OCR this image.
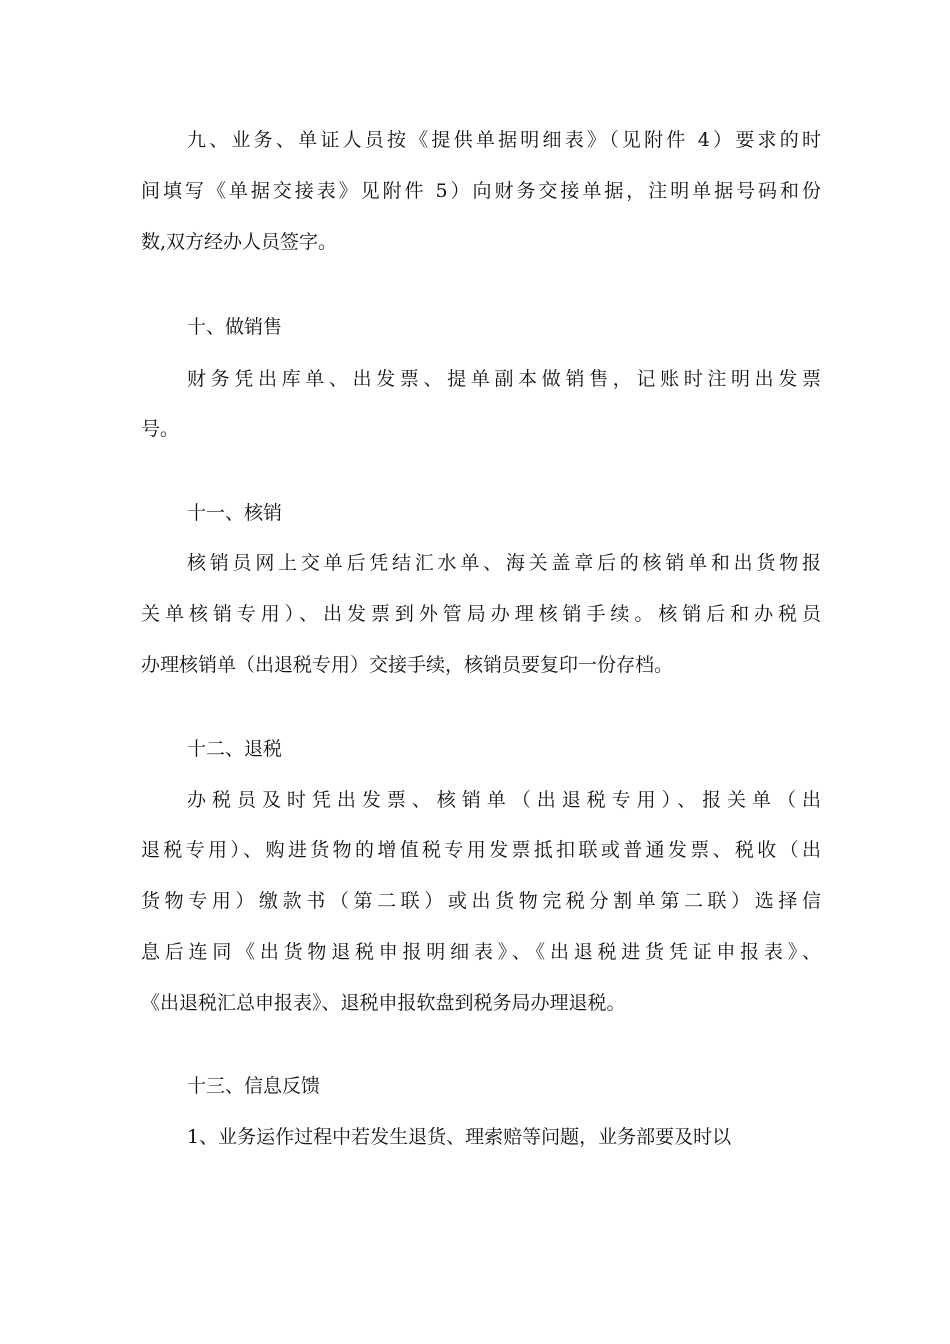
九、业务、单证人员按《提供单据明细表》（见附件 4）要求的时
间填写《单据交接表》见附件 5）向财务交接单据，注明单据号码和份
数,双方经办人员签字。
十、做销售
财务凭出库单、出发票、提单副本做销售，记账时注明出发票
号。
十一、核销
核销员网上交单后凭结汇水单、海关盖章后的核销单和出货物报
关单核销专用）、出发票到外管局办理核销手续。核销后和办税员
办理核销单（出退税专用）交接手续，核销员要复印一份存档。
十二、退税
办税员及时凭出发票、核销单（出退税专用）、报关单（出
退税专用）、购进货物的增值税专用发票抵扣联或普通发票、税收（出
货物专用）缴款书（第二联）或出货物完税分割单第二联）选择信
息后连同《出货物退税申报明细表》、《出退税进货凭证申报表》、
《出退税汇总申报表》、退税申报软盘到税务局办理退税。
十三、信息反馈
1、业务运作过程中若发生退货、理索赔等问题，业务部要及时以
